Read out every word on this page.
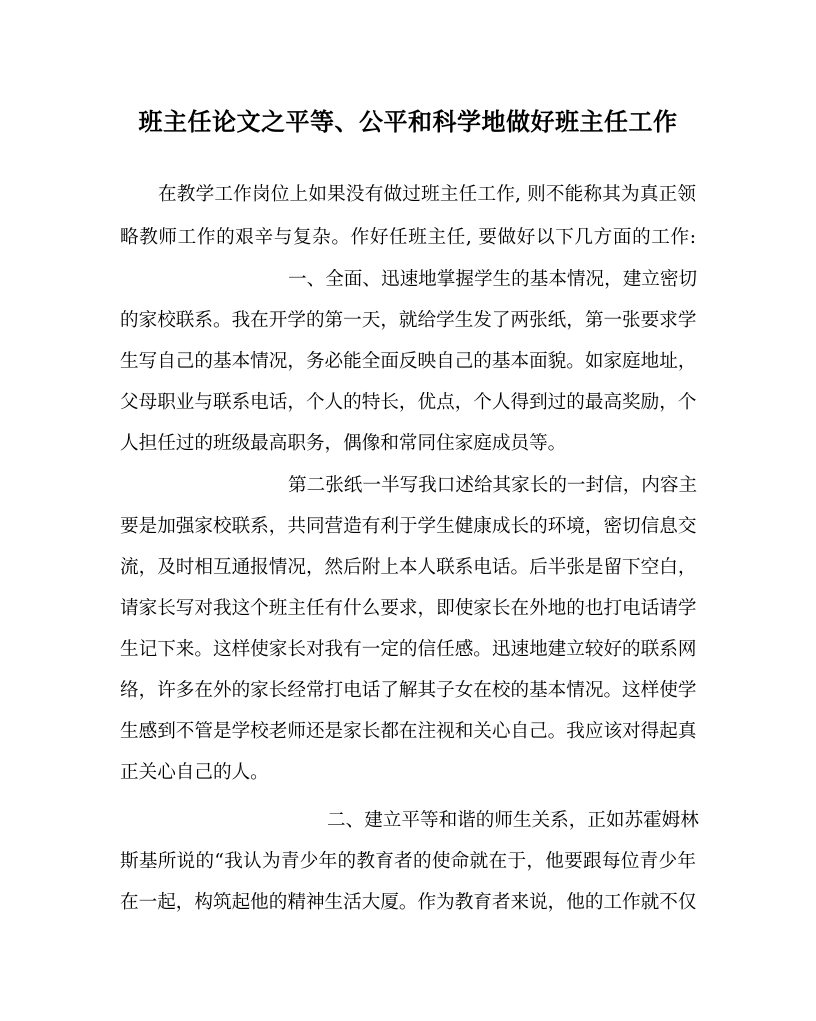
班主任论文之平等、公平和科学地做好班主任工作
在教学工作岗位上如果没有做过班主任工作, 则不能称其为真正领
略教师工作的艰辛与复杂。作好任班主任, 要做好以下几方面的工作:
一、全面、迅速地掌握学生的基本情况，建立密切
的家校联系。我在开学的第一天，就给学生发了两张纸，第一张要求学
生写自己的基本情况，务必能全面反映自己的基本面貌。如家庭地址，
父母职业与联系电话，个人的特长，优点，个人得到过的最高奖励，个
人担任过的班级最高职务，偶像和常同住家庭成员等。
第二张纸一半写我口述给其家长的一封信，内容主
要是加强家校联系，共同营造有利于学生健康成长的环境，密切信息交
流，及时相互通报情况，然后附上本人联系电话。后半张是留下空白，
请家长写对我这个班主任有什么要求，即使家长在外地的也打电话请学
生记下来。这样使家长对我有一定的信任感。迅速地建立较好的联系网
络，许多在外的家长经常打电话了解其子女在校的基本情况。这样使学
生感到不管是学校老师还是家长都在注视和关心自己。我应该对得起真
正关心自己的人。
二、建立平等和谐的师生关系，正如苏霍姆林
斯基所说的“我认为青少年的教育者的使命就在于，他要跟每位青少年
在一起，构筑起他的精神生活大厦。作为教育者来说，他的工作就不仅
